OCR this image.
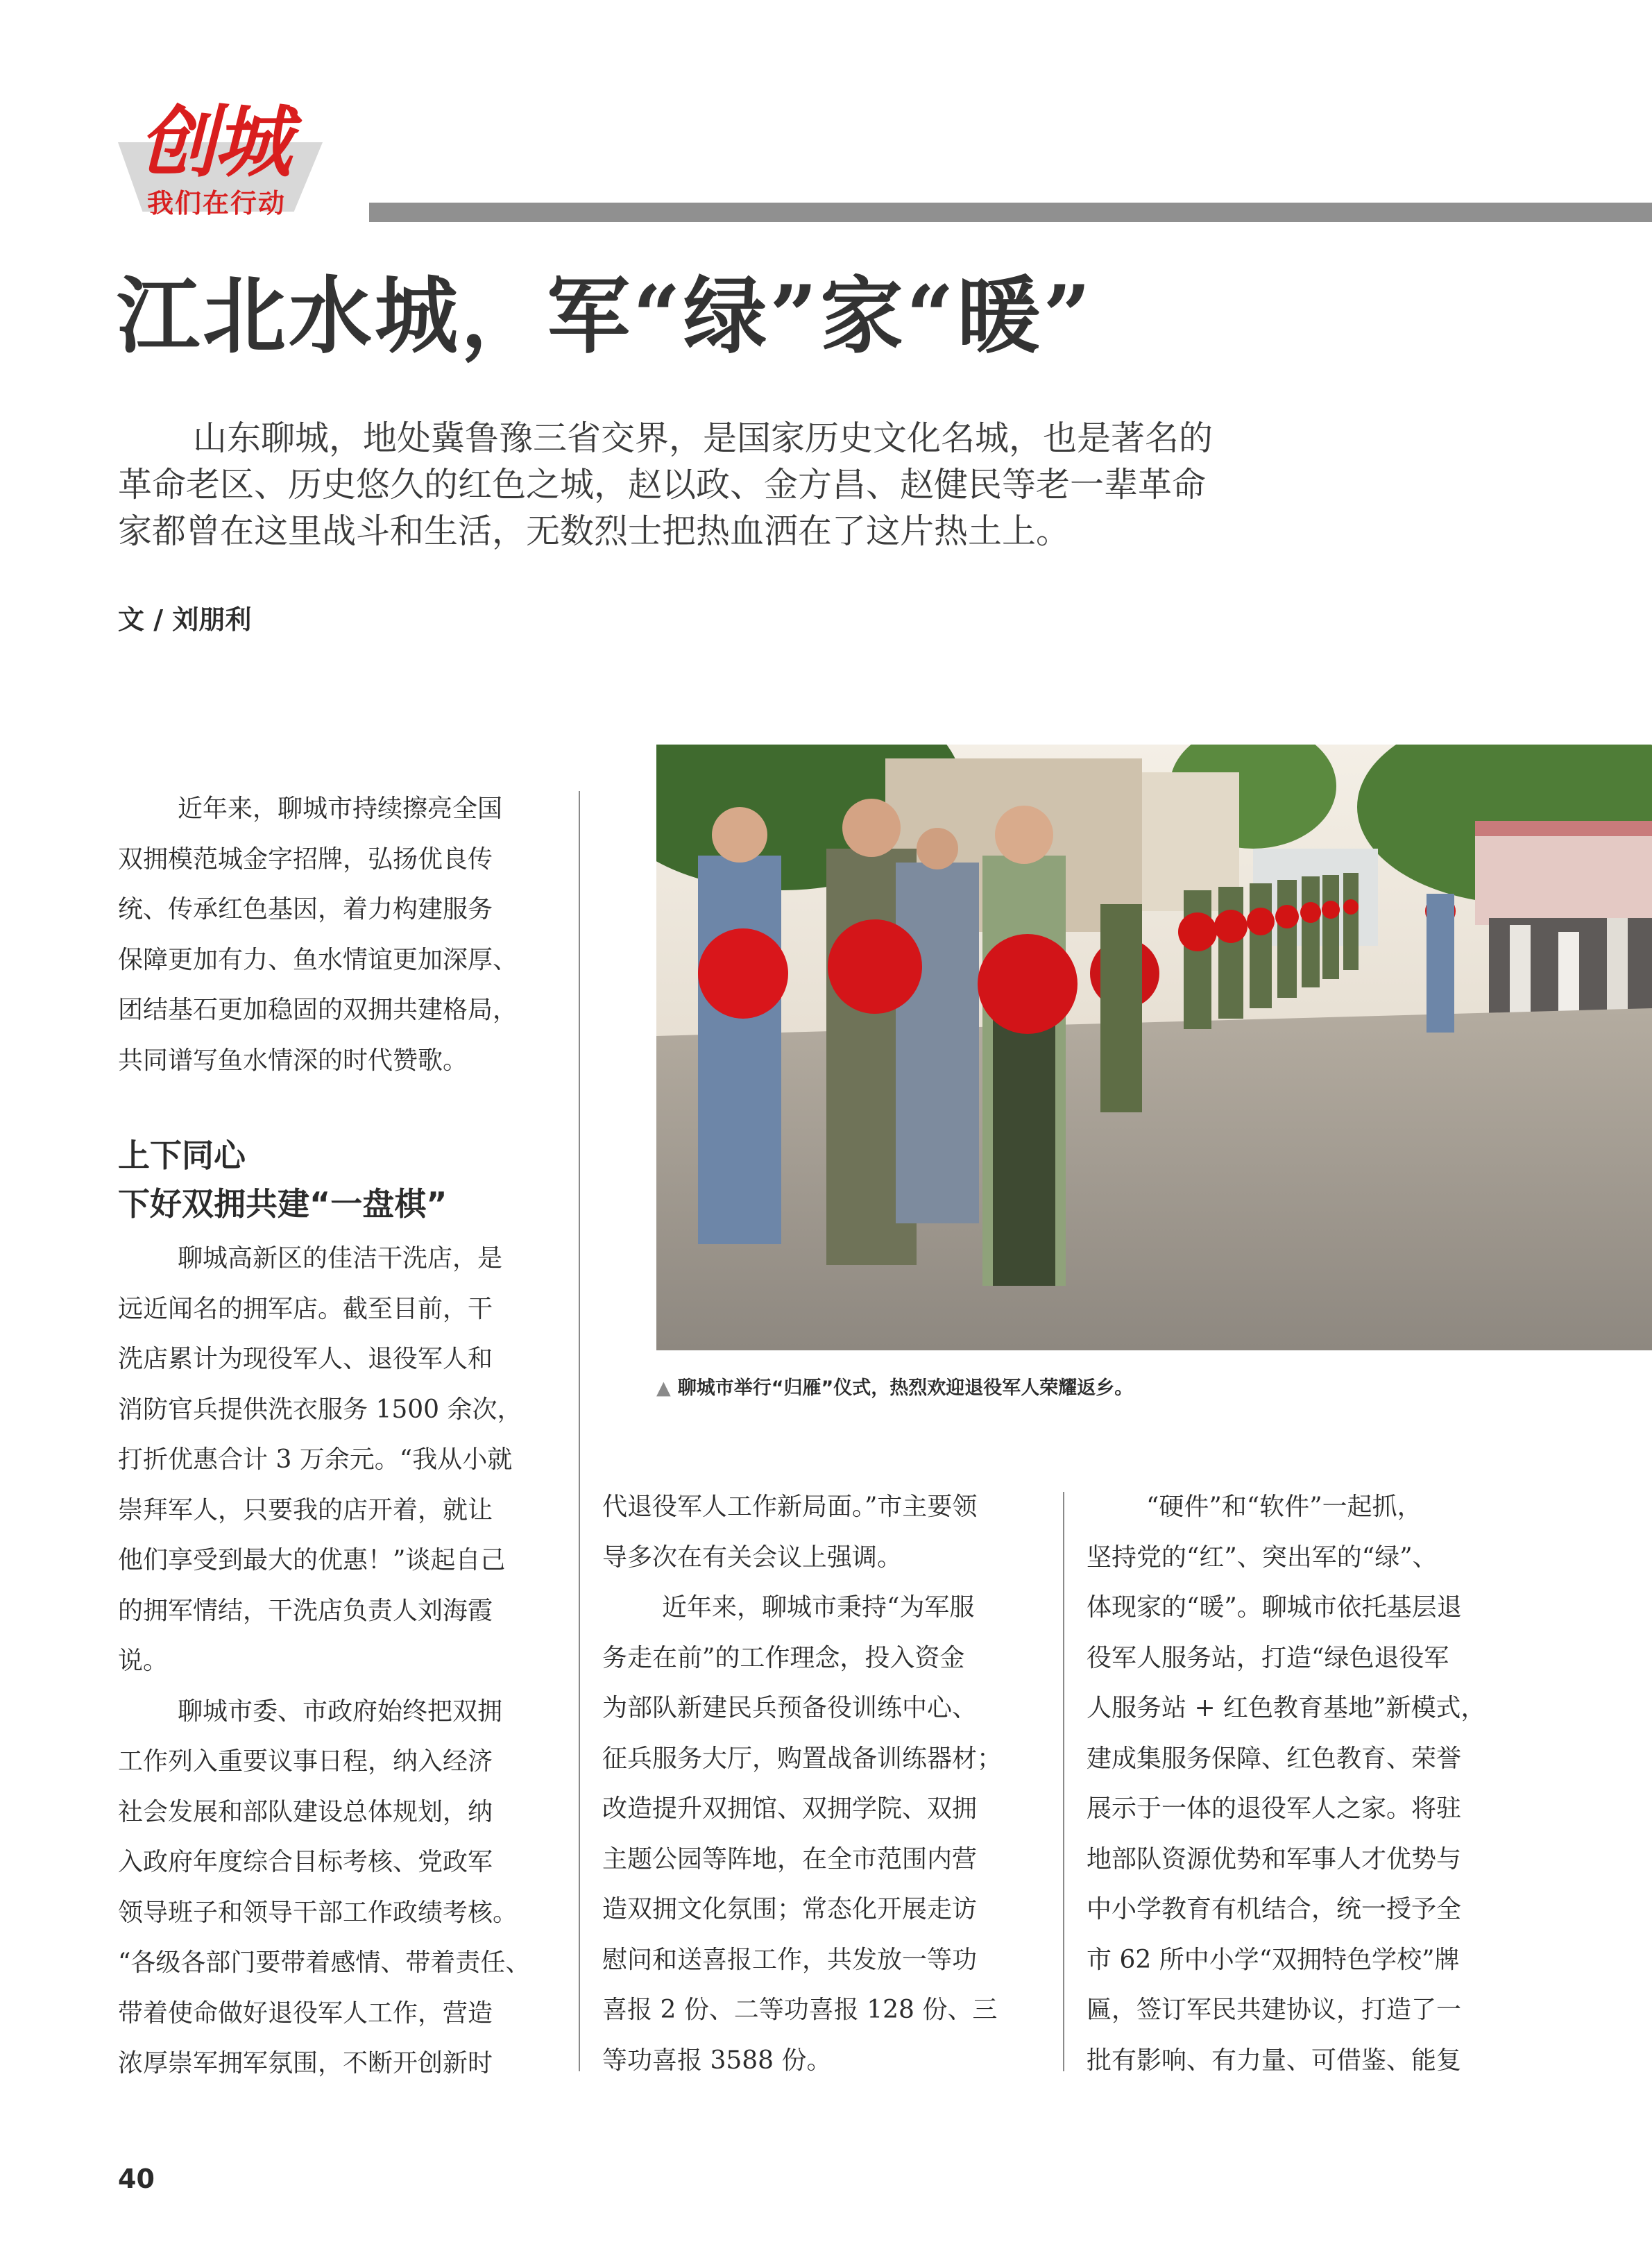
创城
我们在行动
江北水城，军“绿”家“暖”
山东聊城，地处冀鲁豫三省交界，是国家历史文化名城，也是著名的
革命老区、历史悠久的红色之城，赵以政、金方昌、赵健民等老一辈革命
家都曾在这里战斗和生活，无数烈士把热血洒在了这片热土上。
文 / 刘朋利
近年来，聊城市持续擦亮全国
双拥模范城金字招牌，弘扬优良传
统、传承红色基因，着力构建服务
保障更加有力、鱼水情谊更加深厚、
团结基石更加稳固的双拥共建格局，
共同谱写鱼水情深的时代赞歌。
上下同心
下好双拥共建“一盘棋”
聊城高新区的佳洁干洗店，是
远近闻名的拥军店。截至目前，干
洗店累计为现役军人、退役军人和
消防官兵提供洗衣服务 1500 余次，
打折优惠合计 3 万余元。“我从小就
崇拜军人，只要我的店开着，就让
他们享受到最大的优惠！”谈起自己
的拥军情结，干洗店负责人刘海霞
说。
聊城市委、市政府始终把双拥
工作列入重要议事日程，纳入经济
社会发展和部队建设总体规划，纳
入政府年度综合目标考核、党政军
领导班子和领导干部工作政绩考核。
“各级各部门要带着感情、带着责任、
带着使命做好退役军人工作，营造
浓厚崇军拥军氛围，不断开创新时
▲ 聊城市举行“归雁”仪式，热烈欢迎退役军人荣耀返乡。
代退役军人工作新局面。”市主要领
导多次在有关会议上强调。
近年来，聊城市秉持“为军服
务走在前”的工作理念，投入资金
为部队新建民兵预备役训练中心、
征兵服务大厅，购置战备训练器材；
改造提升双拥馆、双拥学院、双拥
主题公园等阵地，在全市范围内营
造双拥文化氛围；常态化开展走访
慰问和送喜报工作，共发放一等功
喜报 2 份、二等功喜报 128 份、三
等功喜报 3588 份。
“硬件”和“软件”一起抓，
坚持党的“红”、突出军的“绿”、
体现家的“暖”。聊城市依托基层退
役军人服务站，打造“绿色退役军
人服务站 + 红色教育基地”新模式，
建成集服务保障、红色教育、荣誉
展示于一体的退役军人之家。将驻
地部队资源优势和军事人才优势与
中小学教育有机结合，统一授予全
市 62 所中小学“双拥特色学校”牌
匾，签订军民共建协议，打造了一
批有影响、有力量、可借鉴、能复
40
